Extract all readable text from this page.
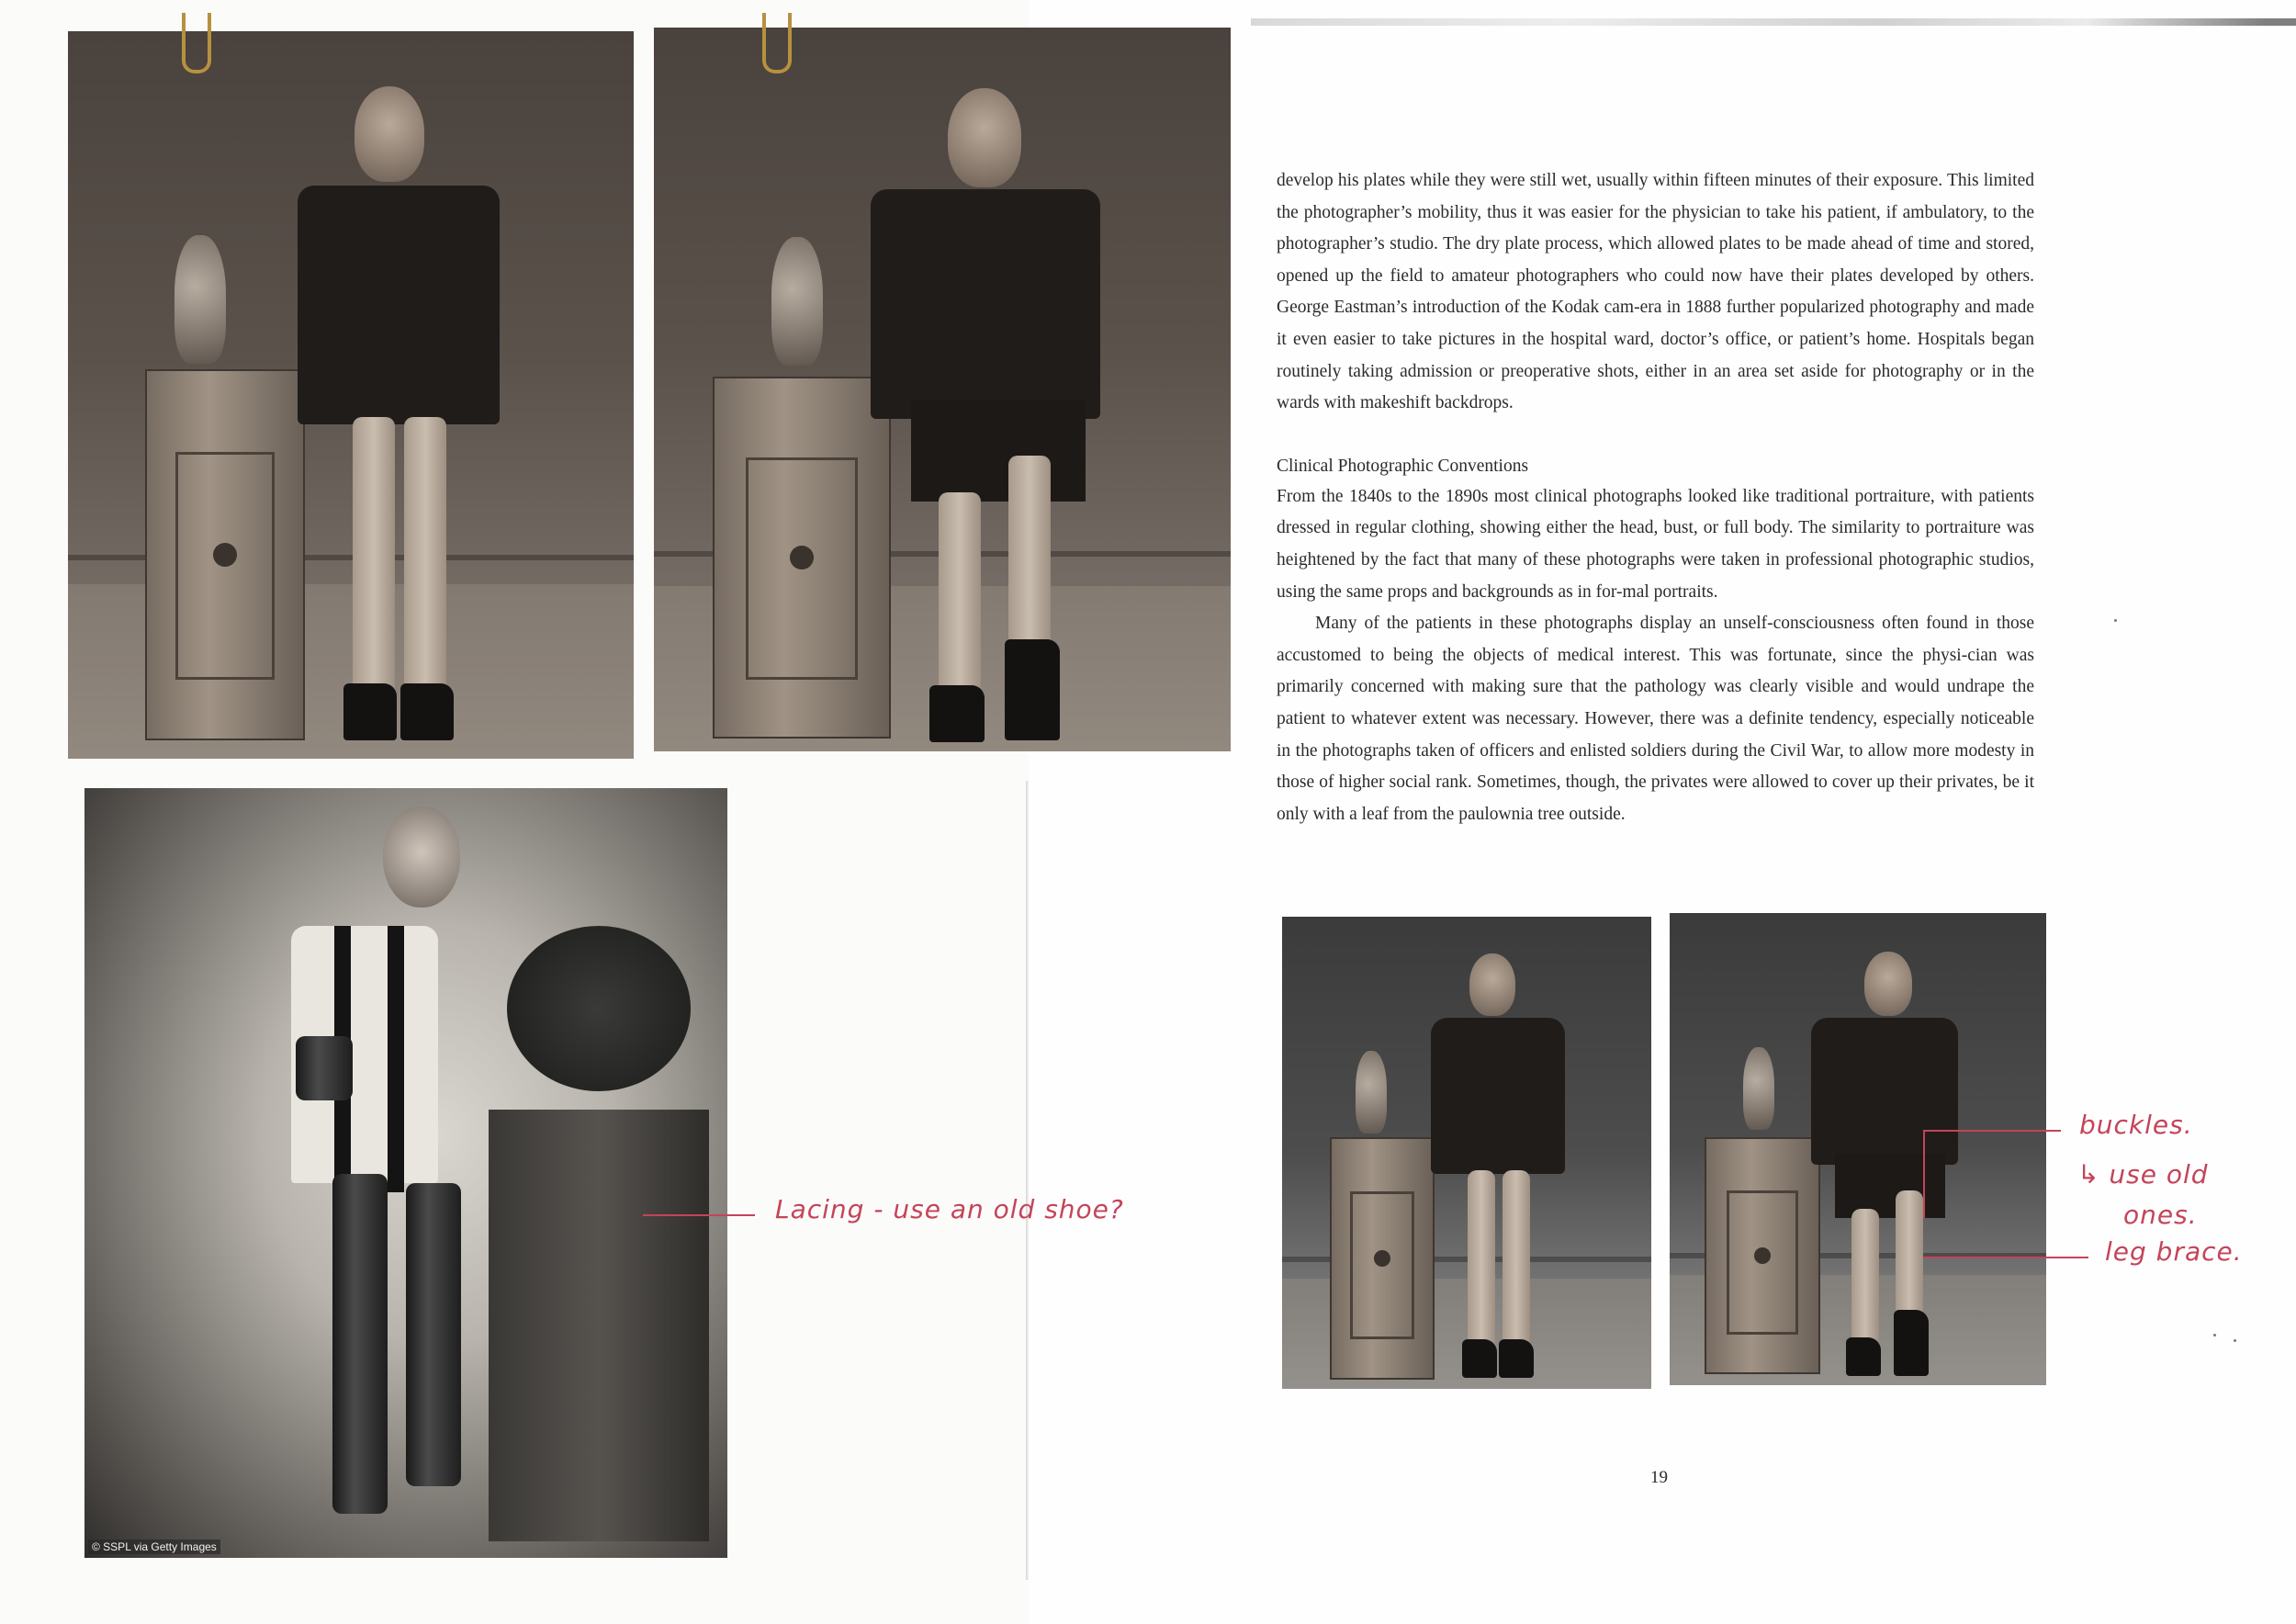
© SSPL via Getty Images

develop his plates while they were still wet, usually within fifteen minutes of their exposure. This limited the photographer’s mobility, thus it was easier for the physician to take his patient, if ambulatory, to the photographer’s studio. The dry plate process, which allowed plates to be made ahead of time and stored, opened up the field to amateur photographers who could now have their plates developed by others. George Eastman’s introduction of the Kodak cam-era in 1888 further popularized photography and made it even easier to take pictures in the hospital ward, doctor’s office, or patient’s home. Hospitals began routinely taking admission or preoperative shots, either in an area set aside for photography or in the wards with makeshift backdrops.

Clinical Photographic Conventions

From the 1840s to the 1890s most clinical photographs looked like traditional portraiture, with patients dressed in regular clothing, showing either the head, bust, or full body. The similarity to portraiture was heightened by the fact that many of these photographs were taken in professional photographic studios, using the same props and backgrounds as in for-mal portraits.

Many of the patients in these photographs display an unself-consciousness often found in those accustomed to being the objects of medical interest. This was fortunate, since the physi-cian was primarily concerned with making sure that the pathology was clearly visible and would undrape the patient to whatever extent was necessary. However, there was a definite tendency, especially noticeable in the photographs taken of officers and enlisted soldiers during the Civil War, to allow more modesty in those of higher social rank. Sometimes, though, the privates were allowed to cover up their privates, be it only with a leaf from the paulownia tree outside.

19
Lacing - use an old shoe?
buckles.
↳ use old
ones.
leg brace.
